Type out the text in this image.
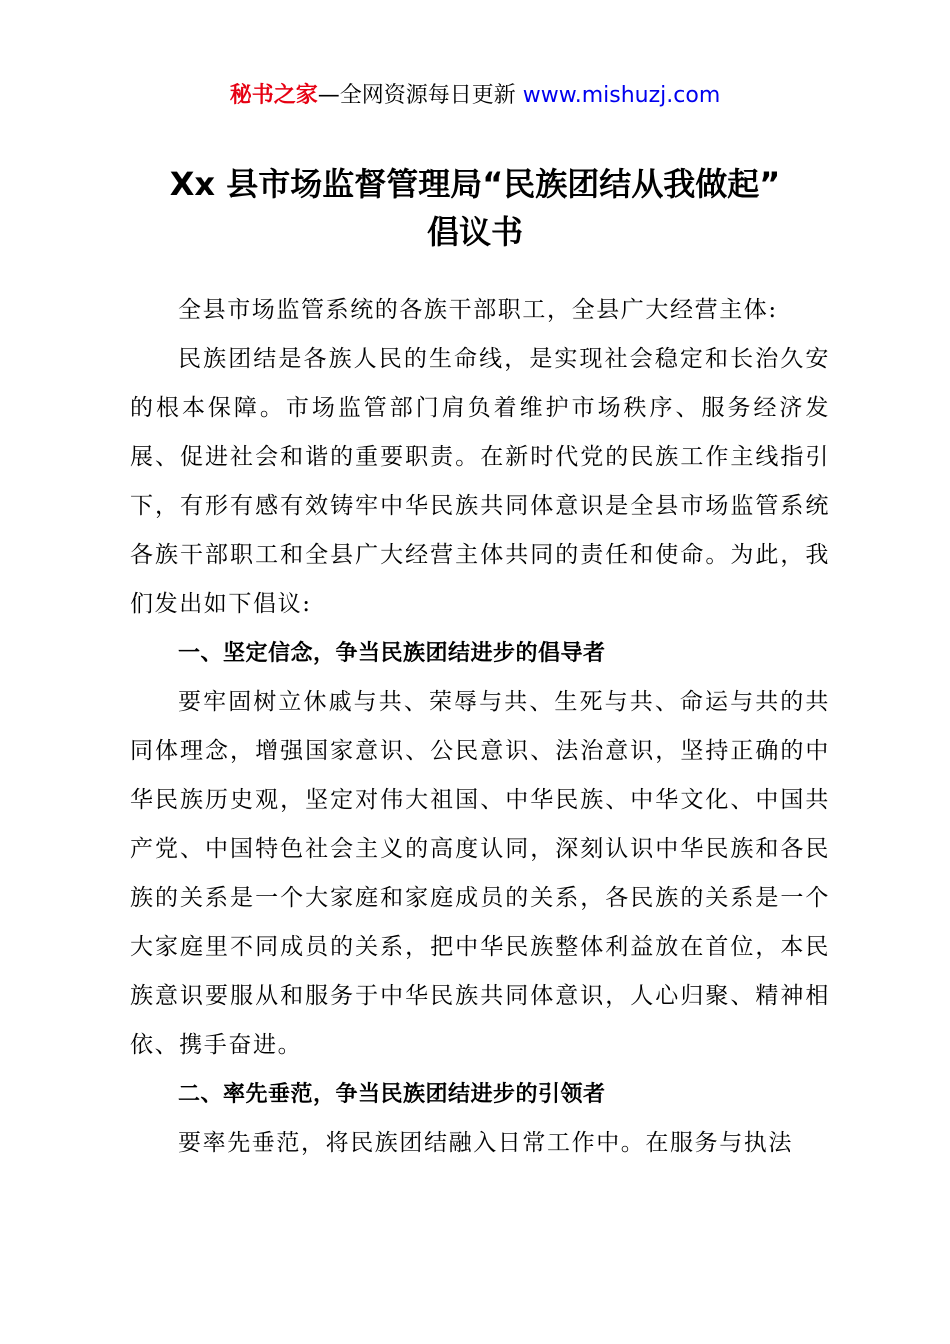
秘书之家—全网资源每日更新 www.mishuzj.com
Xx 县市场监督管理局“民族团结从我做起”
倡议书

全县市场监管系统的各族干部职工，全县广大经营主体:

民族团结是各族人民的生命线，是实现社会稳定和长治久安的根本保障。市场监管部门肩负着维护市场秩序、服务经济发展、促进社会和谐的重要职责。在新时代党的民族工作主线指引下，有形有感有效铸牢中华民族共同体意识是全县市场监管系统各族干部职工和全县广大经营主体共同的责任和使命。为此，我们发出如下倡议:

一、坚定信念，争当民族团结进步的倡导者

要牢固树立休戚与共、荣辱与共、生死与共、命运与共的共同体理念，增强国家意识、公民意识、法治意识，坚持正确的中华民族历史观，坚定对伟大祖国、中华民族、中华文化、中国共产党、中国特色社会主义的高度认同，深刻认识中华民族和各民族的关系是一个大家庭和家庭成员的关系，各民族的关系是一个大家庭里不同成员的关系，把中华民族整体利益放在首位，本民族意识要服从和服务于中华民族共同体意识，人心归聚、精神相依、携手奋进。

二、率先垂范，争当民族团结进步的引领者

要率先垂范，将民族团结融入日常工作中。在服务与执法
